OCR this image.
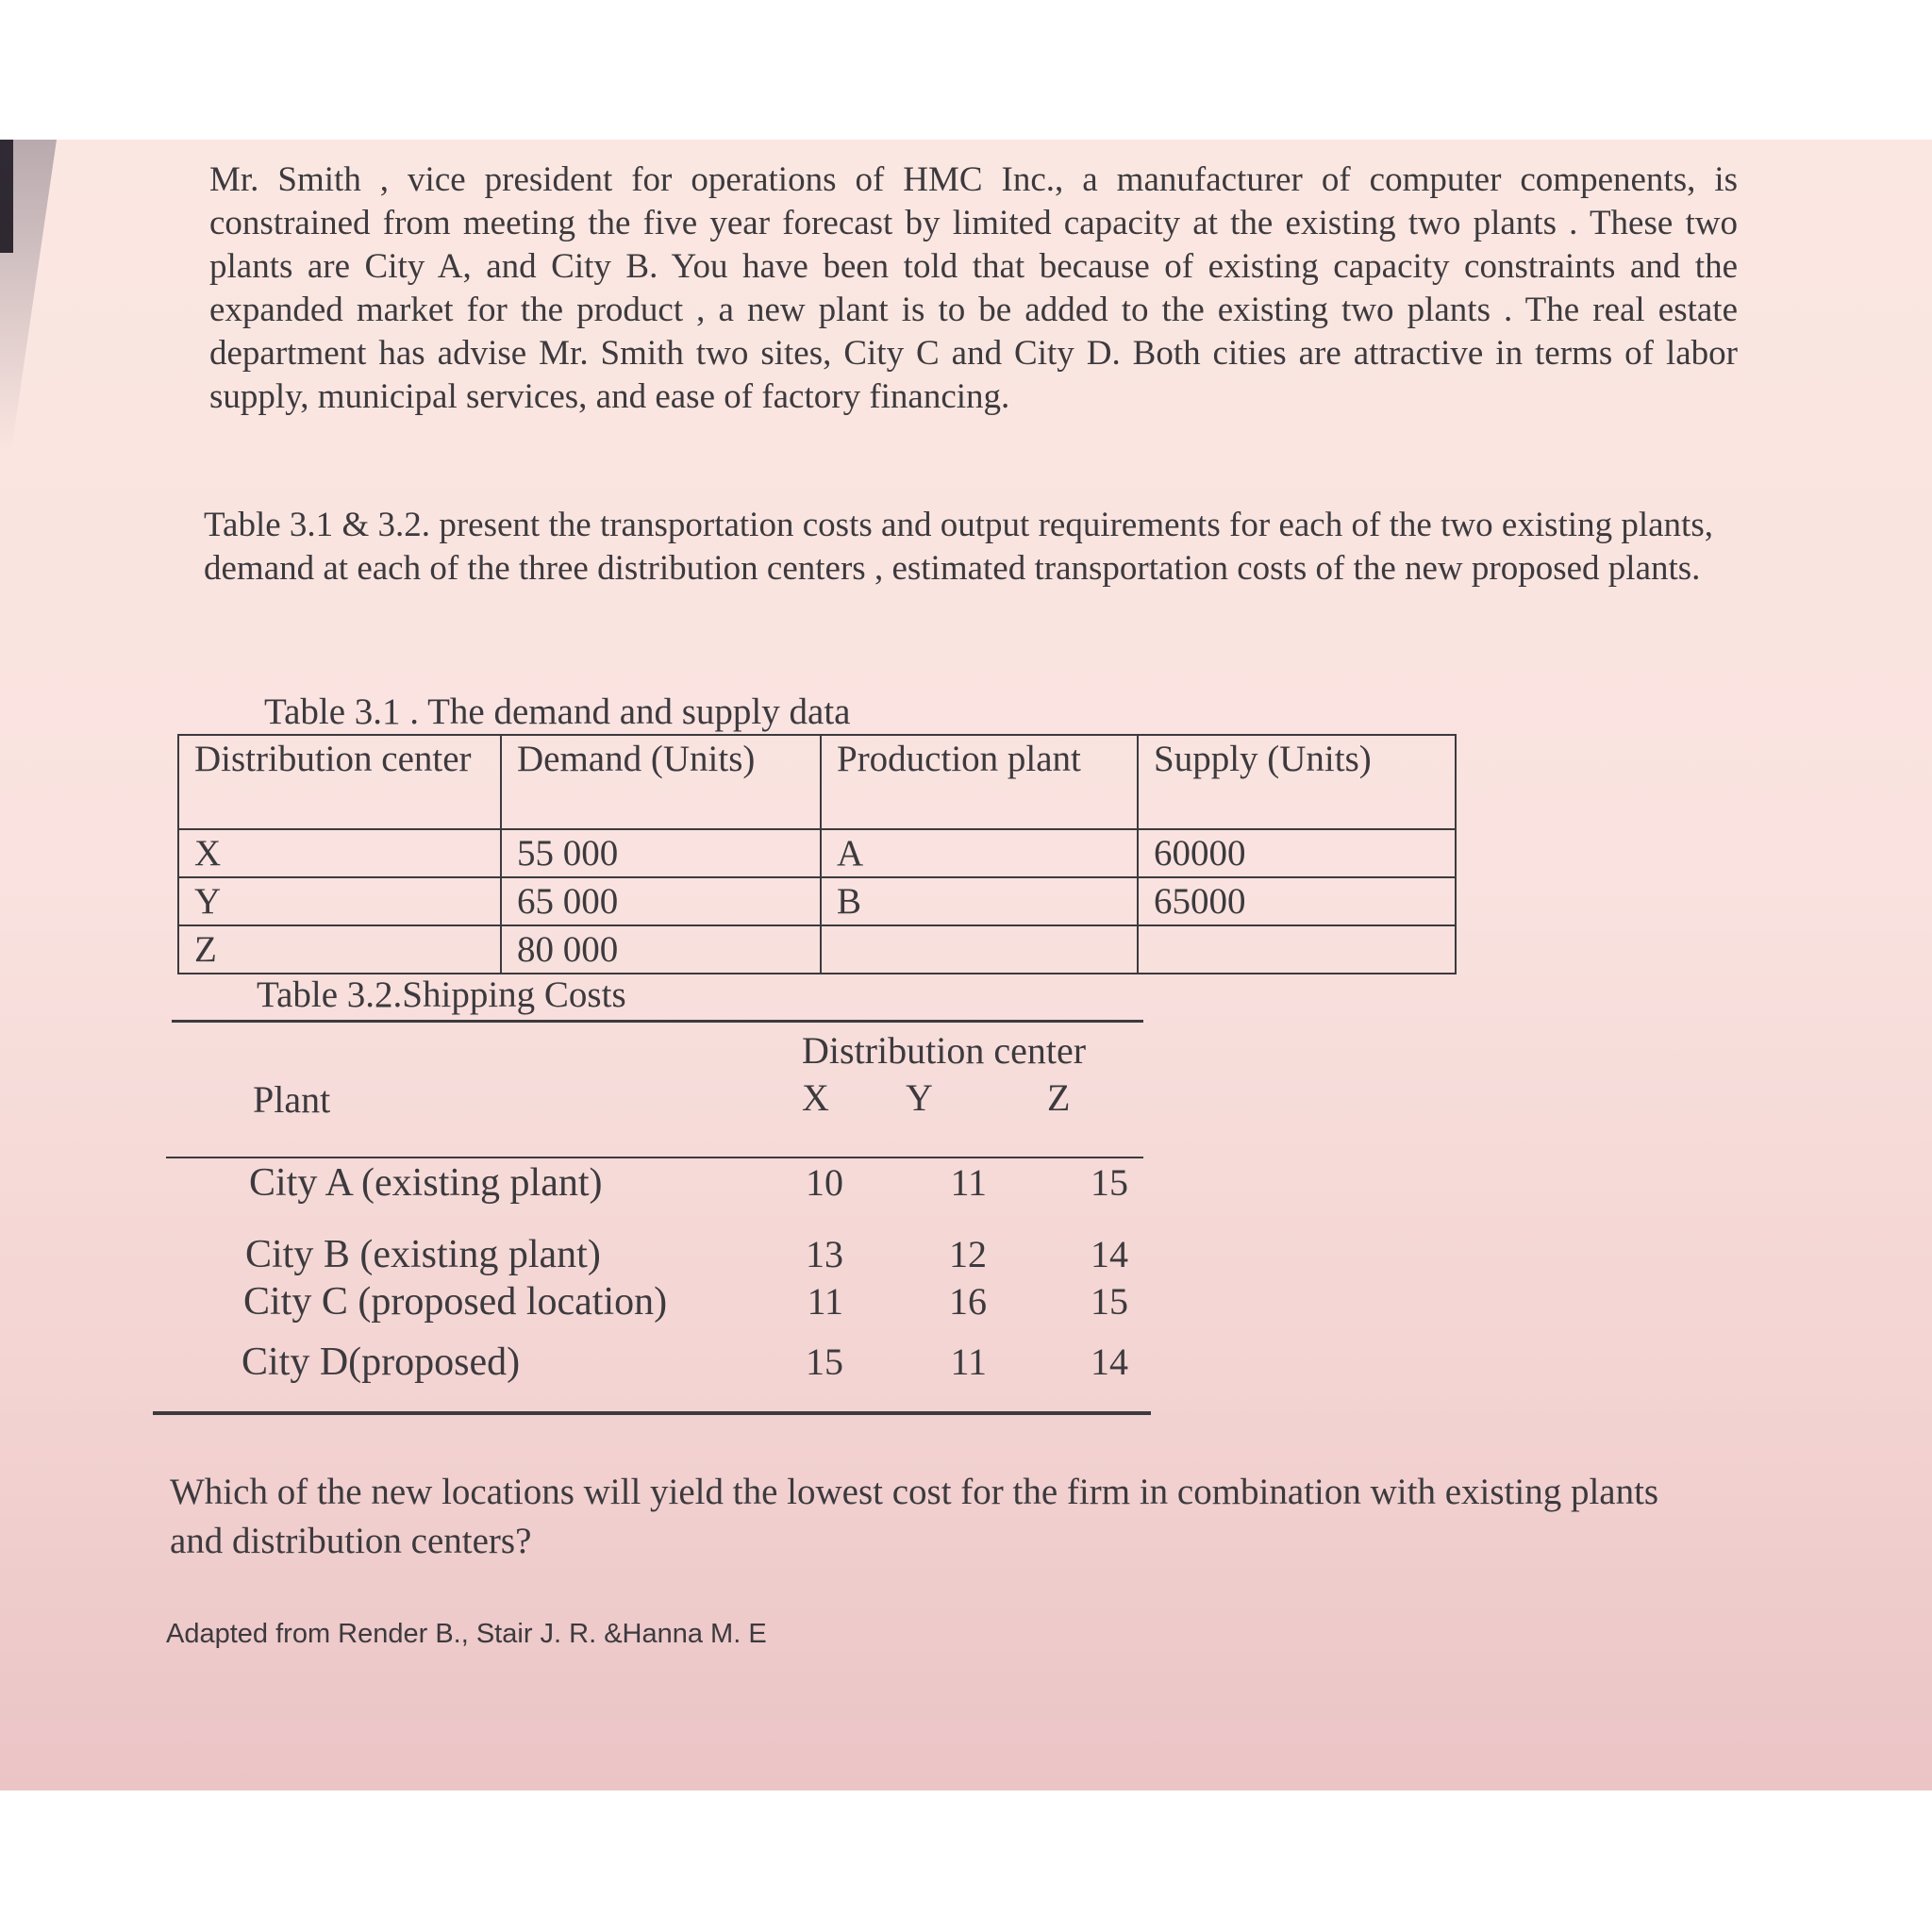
Mr. Smith , vice president for operations of HMC Inc., a manufacturer of computer compenents, is constrained from meeting the five year forecast by limited capacity at the existing two plants . These two plants are City A, and City B. You have been told that because of existing capacity constraints and the expanded market for the product , a new plant is to be added to the existing two plants . The real estate department has advise Mr. Smith two sites, City C and City D. Both cities are attractive in terms of labor supply, municipal services, and ease of factory financing.

Table 3.1 & 3.2. present the transportation costs and output requirements for each of the two existing plants, demand at each of the three distribution centers , estimated transportation costs of the new proposed plants.

Table 3.1 . The demand and supply data

Distribution center	Demand (Units)	Production plant	Supply (Units)
X	55 000	A	60000
Y	65 000	B	65000
Z	80 000		

Table 3.2.Shipping Costs

Distribution center

Plant	X Y	Z

City A (existing plant)	10	11	15
City B (existing plant)	13	12	14
City C (proposed location)	11	16	15
City D(proposed)	15	11	14

Which of the new locations will yield the lowest cost for the firm in combination with existing plants and distribution centers?

Adapted from Render B., Stair J. R. &Hanna M. E
